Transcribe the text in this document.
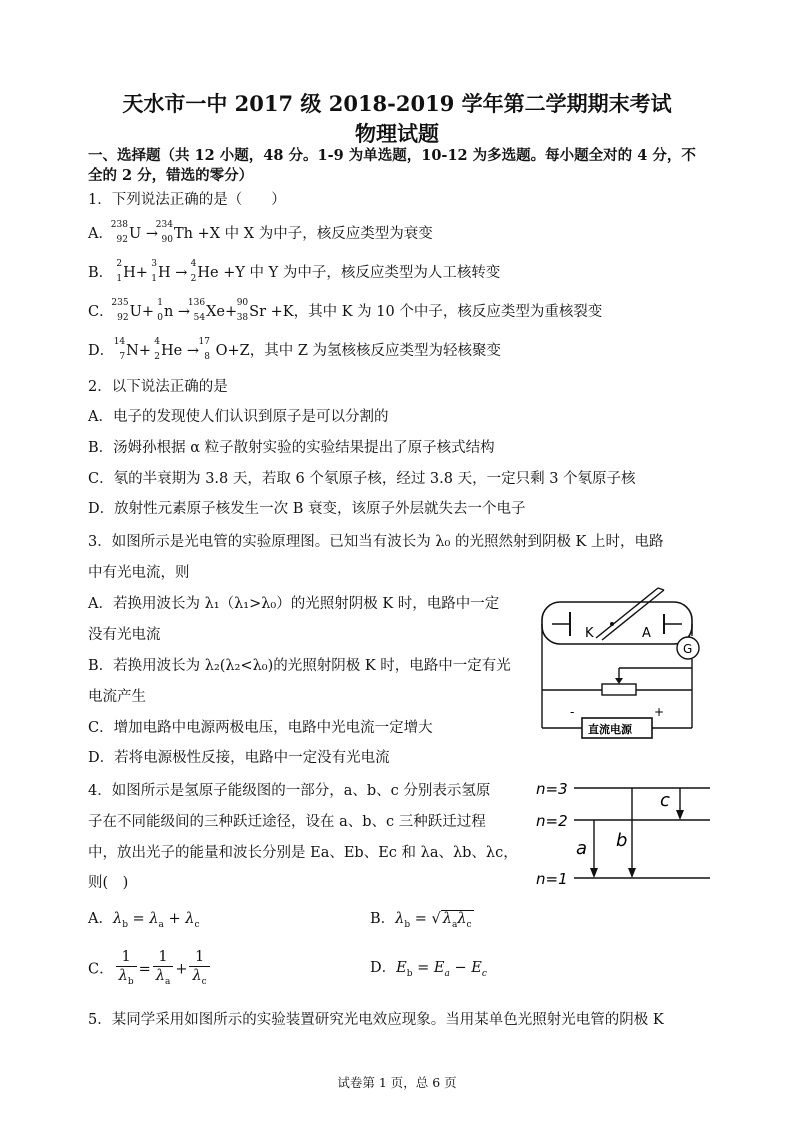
天水市一中 2017 级 2018-2019 学年第二学期期末考试
物理试题
一、选择题（共 12 小题，48 分。1-9 为单选题，10-12 为多选题。每小题全对的 4 分，不
全的 2 分，错选的零分）
1．下列说法正确的是（　　）
A．
238
92 U →
234
90 Th +X 中 X 为中子，核反应类型为衰变
B．
2
1 H+
3
1 H →
4
2 He +Y 中 Y 为中子，核反应类型为人工核转变
C．
235
92 U+
1
0 n →
136
54 Xe+
90
38 Sr +K，其中 K 为 10 个中子，核反应类型为重核裂变
D．
14
7 N+
4
2 He →
17
8 O+Z，其中 Z 为氢核核反应类型为轻核聚变
2．以下说法正确的是
A．电子的发现使人们认识到原子是可以分割的
B．汤姆孙根据 α 粒子散射实验的实验结果提出了原子核式结构
C．氡的半衰期为 3.8 天，若取 6 个氡原子核，经过 3.8 天，一定只剩 3 个氡原子核
D．放射性元素原子核发生一次 B 衰变，该原子外层就失去一个电子
3．如图所示是光电管的实验原理图。已知当有波长为 λ₀ 的光照然射到阴极 K 上时，电路
中有光电流，则
A．若换用波长为 λ₁（λ₁>λ₀）的光照射阴极 K 时，电路中一定
没有光电流
B．若换用波长为 λ₂(λ₂<λ₀)的光照射阴极 K 时，电路中一定有光
电流产生
C．增加电路中电源两极电压，电路中光电流一定增大
D．若将电源极性反接，电路中一定没有光电流
K	A
G
直流电源
-	+
4．如图所示是氢原子能级图的一部分，a、b、c 分别表示氢原
子在不同能级间的三种跃迁途径，设在 a、b、c 三种跃迁过程
中，放出光子的能量和波长分别是 Ea、Eb、Ec 和 λa、λb、λc，
则(　)
n=3
n=2
n=1
a b
c
A．$\lambda_b = \lambda_a + \lambda_c$	B．$\lambda_b$ = √ $\lambda_a\lambda_c$
C． $\frac{1}{\lambda_b} = \frac{1}{\lambda_a} + \frac{1}{\lambda_c}$	D．$E_b = E_a - E_c$
5．某同学采用如图所示的实验装置研究光电效应现象。当用某单色光照射光电管的阴极 K
试卷第 1 页，总 6 页
